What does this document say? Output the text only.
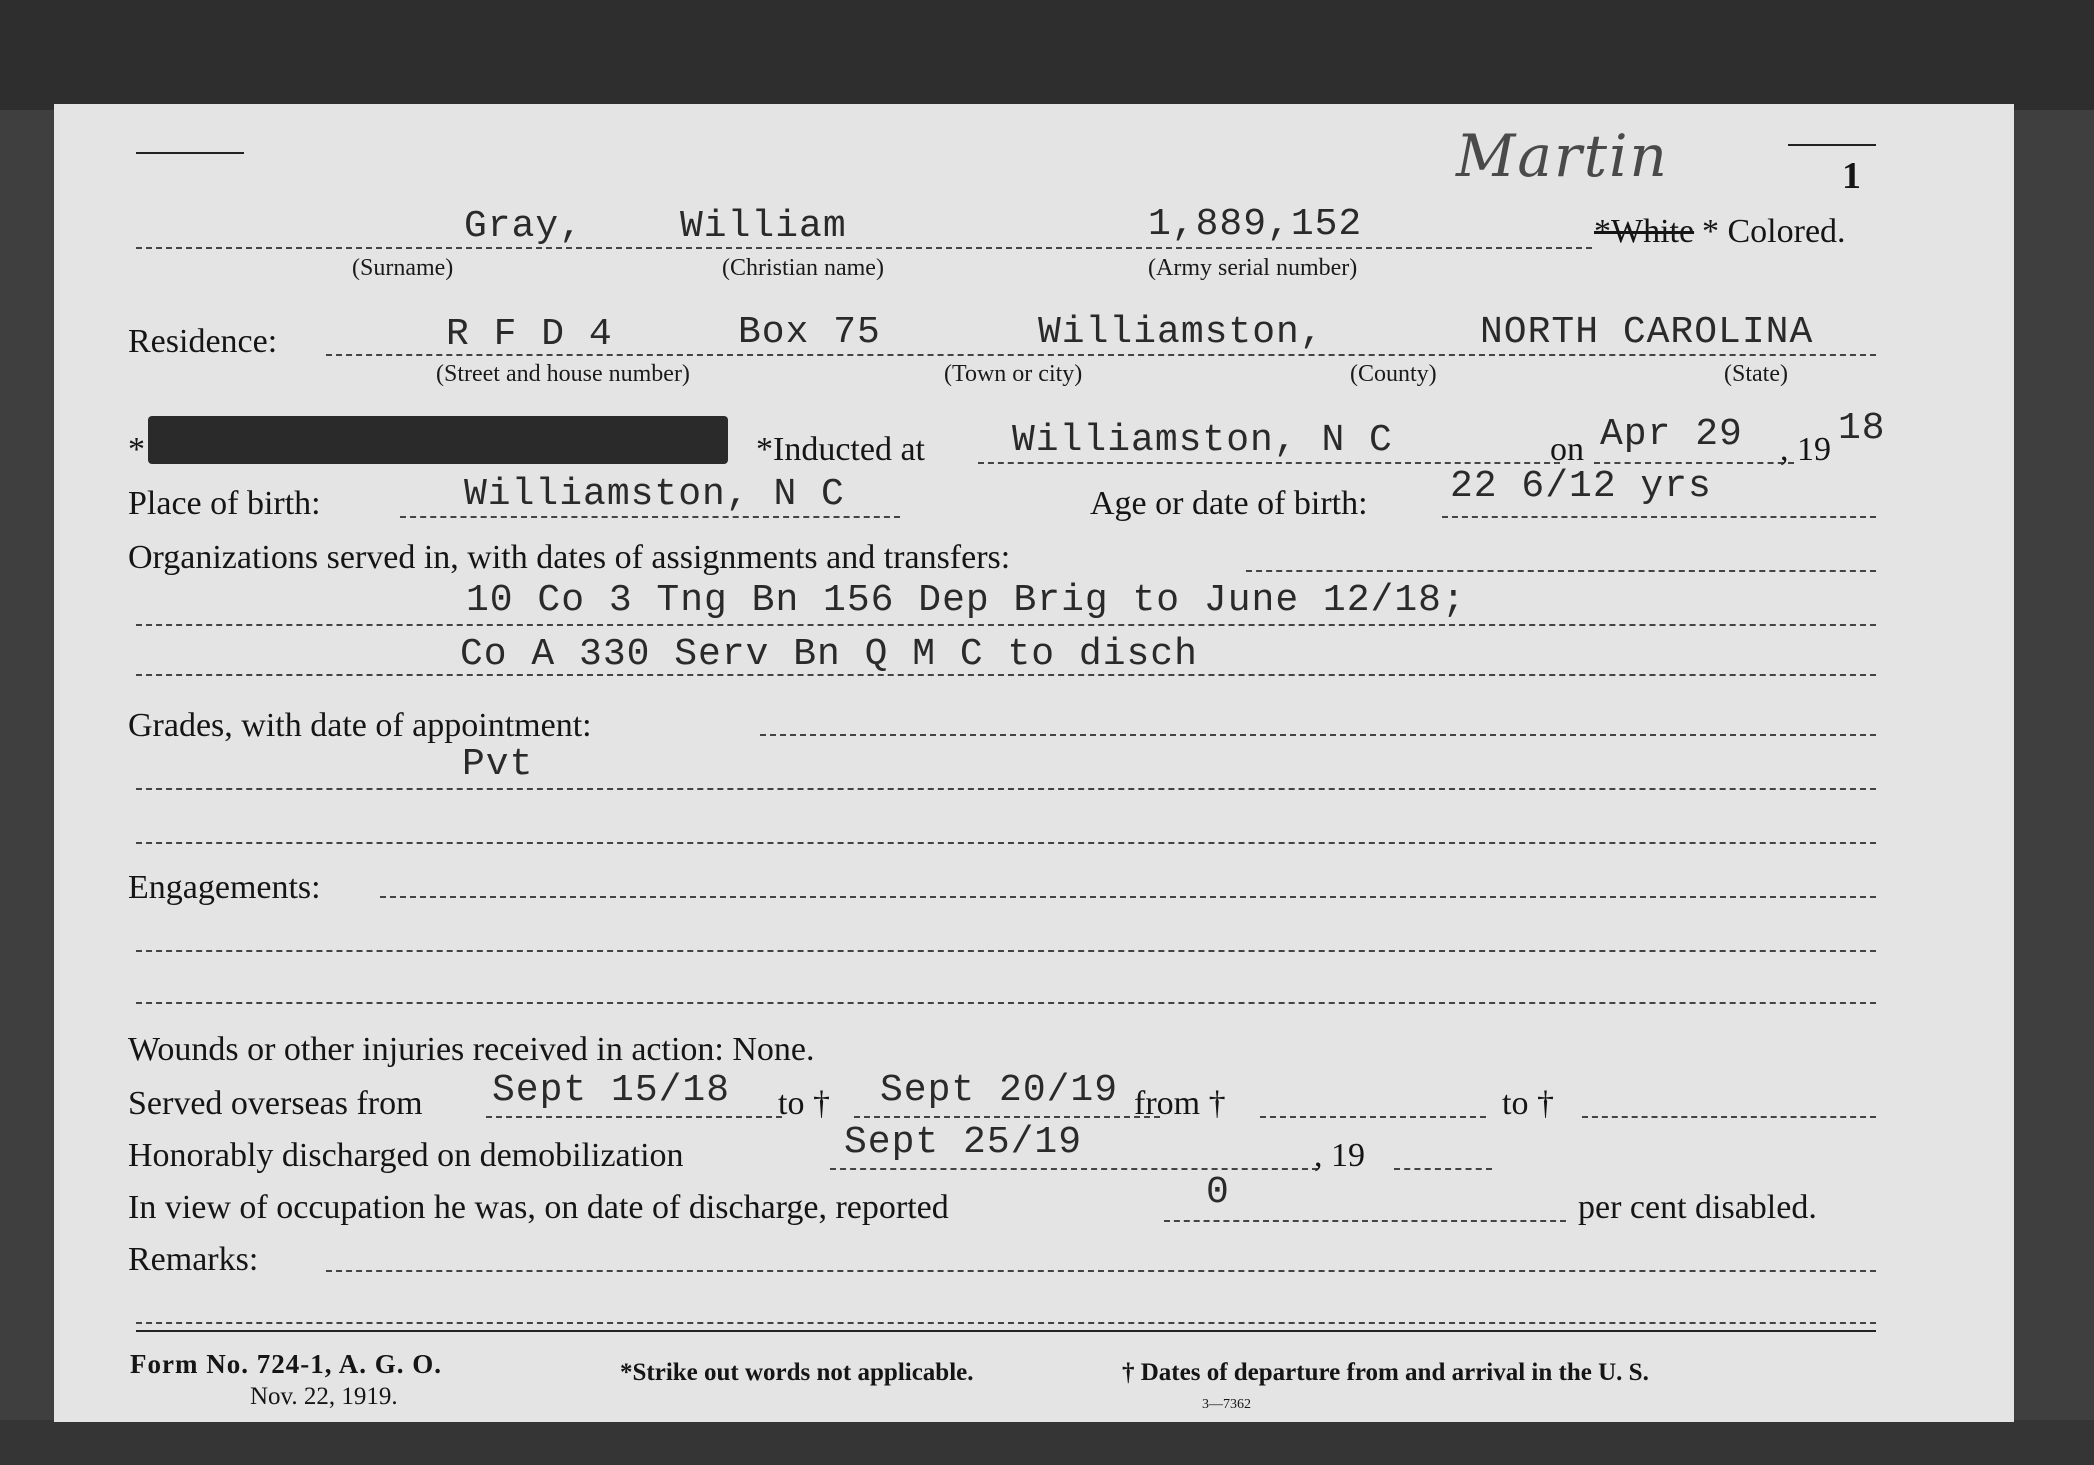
1
Martin
Gray,	William	1,889,152	*White * Colored.
(Surname)	(Christian name)	(Army serial number)
Residence:	R F D 4	Box 75	Williamston,	NORTH CAROLINA
(Street and house number)	(Town or city)	(County)	(State)
*	*Inducted at Williamston, N C	on Apr 29 , 19 18
Place of birth:	Williamston, N C	Age or date of birth: 22 6/12 yrs
Organizations served in, with dates of assignments and transfers:
10 Co 3 Tng Bn 156 Dep Brig to June 12/18;
Co A 330 Serv Bn Q M C to disch
Grades, with date of appointment:
Pvt
Engagements:
Wounds or other injuries received in action: None.
Served overseas from Sept 15/18 to † Sept 20/19 from †	to †
Honorably discharged on demobilization	Sept 25/19	, 19
In view of occupation he was, on date of discharge, reported	0	per cent disabled.
Remarks:
Form No. 724-1, A. G. O.
Nov. 22, 1919.
*Strike out words not applicable.	† Dates of departure from and arrival in the U. S.
3—7362
